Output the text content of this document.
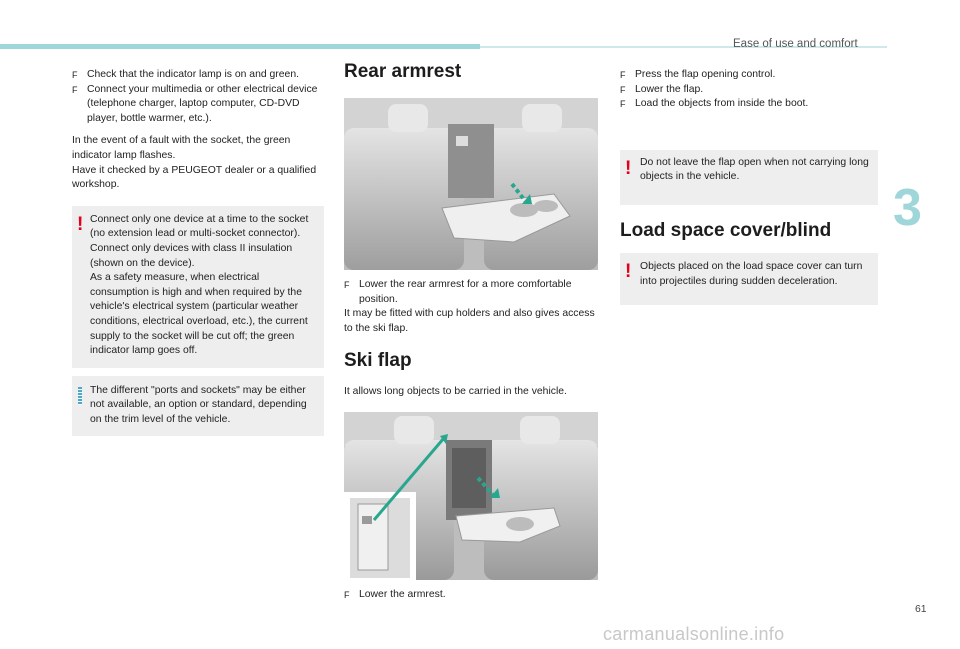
Ease of use and comfort
F Check that the indicator lamp is on and green.
F Connect your multimedia or other electrical device (telephone charger, laptop computer, CD-DVD player, bottle warmer, etc.).

In the event of a fault with the socket, the green indicator lamp flashes.

Have it checked by a PEUGEOT dealer or a qualified workshop.

! Connect only one device at a time to the socket (no extension lead or multi-socket connector).

Connect only devices with class II insulation (shown on the device).

As a safety measure, when electrical consumption is high and when required by the vehicle's electrical system (particular weather conditions, electrical overload, etc.), the current supply to the socket will be cut off; the green indicator lamp goes off.

The different "ports and sockets" may be either not available, an option or standard, depending on the trim level of the vehicle.

Rear armrest
F Lower the rear armrest for a more comfortable position.

It may be fitted with cup holders and also gives access to the ski flap.

Ski flap

It allows long objects to be carried in the vehicle.

F Lower the armrest.
F Press the flap opening control.
F Lower the flap.
F Load the objects from inside the boot.
! Do not leave the flap open when not carrying long objects in the vehicle.

Load space cover/blind
! Objects placed on the load space cover can turn into projectiles during sudden deceleration.

3
61
carmanualsonline.info
